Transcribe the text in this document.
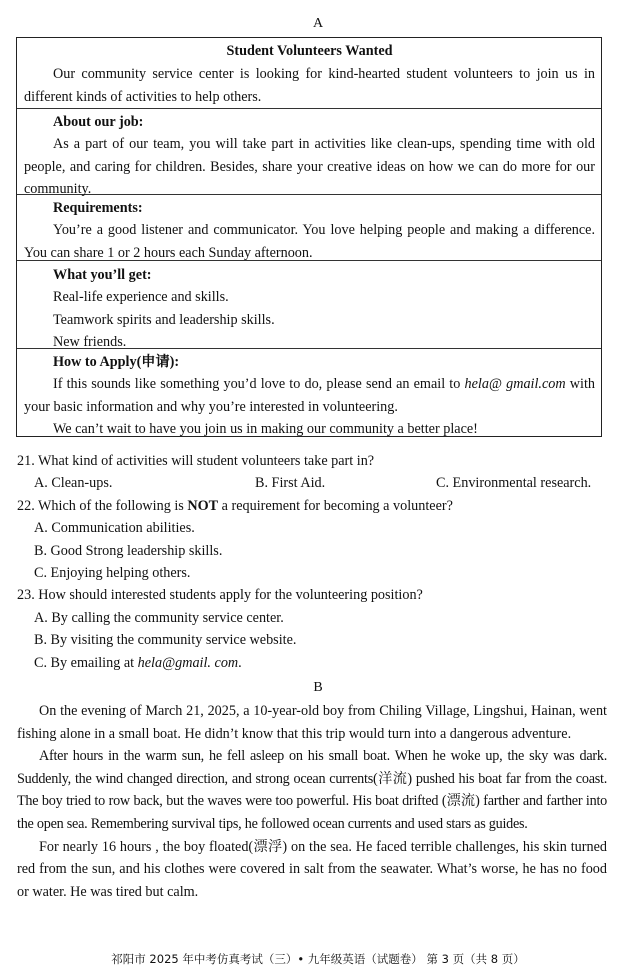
A
Student Volunteers Wanted

Our community service center is looking for kind-hearted student volunteers to join us in different kinds of activities to help others.

About our job:

As a part of our team, you will take part in activities like clean-ups, spending time with old people, and caring for children. Besides, share your creative ideas on how we can do more for our community.

Requirements:

You’re a good listener and communicator. You love helping people and making a difference. You can share 1 or 2 hours each Sunday afternoon.

What you’ll get:

Real-life experience and skills.

Teamwork spirits and leadership skills.

New friends.

How to Apply(申请):

If this sounds like something you’d love to do, please send an email to hela@ gmail.com with your basic information and why you’re interested in volunteering.

We can’t wait to have you join us in making our community a better place!

21. What kind of activities will student volunteers take part in?

A. Clean-ups.	B. First Aid.	C. Environmental research.

22. Which of the following is NOT a requirement for becoming a volunteer?

A. Communication abilities.

B. Good Strong leadership skills.

C. Enjoying helping others.

23. How should interested students apply for the volunteering position?

A. By calling the community service center.

B. By visiting the community service website.

C. By emailing at hela@gmail. com.

B

On the evening of March 21, 2025, a 10-year-old boy from Chiling Village, Lingshui, Hainan, went fishing alone in a small boat. He didn’t know that this trip would turn into a dangerous adventure.

After hours in the warm sun, he fell asleep on his small boat. When he woke up, the sky was dark. Suddenly, the wind changed direction, and strong ocean currents(洋流) pushed his boat far from the coast. The boy tried to row back, but the waves were too powerful. His boat drifted (漂流) farther and farther into the open sea. Remembering survival tips, he followed ocean currents and used stars as guides.

For nearly 16 hours , the boy floated(漂浮) on the sea. He faced terrible challenges, his skin turned red from the sun, and his clothes were covered in salt from the seawater. What’s worse, he has no food or water. He was tired but calm.

祁阳市 2025 年中考仿真考试（三）• 九年级英语（试题卷） 第 3 页（共 8 页）
